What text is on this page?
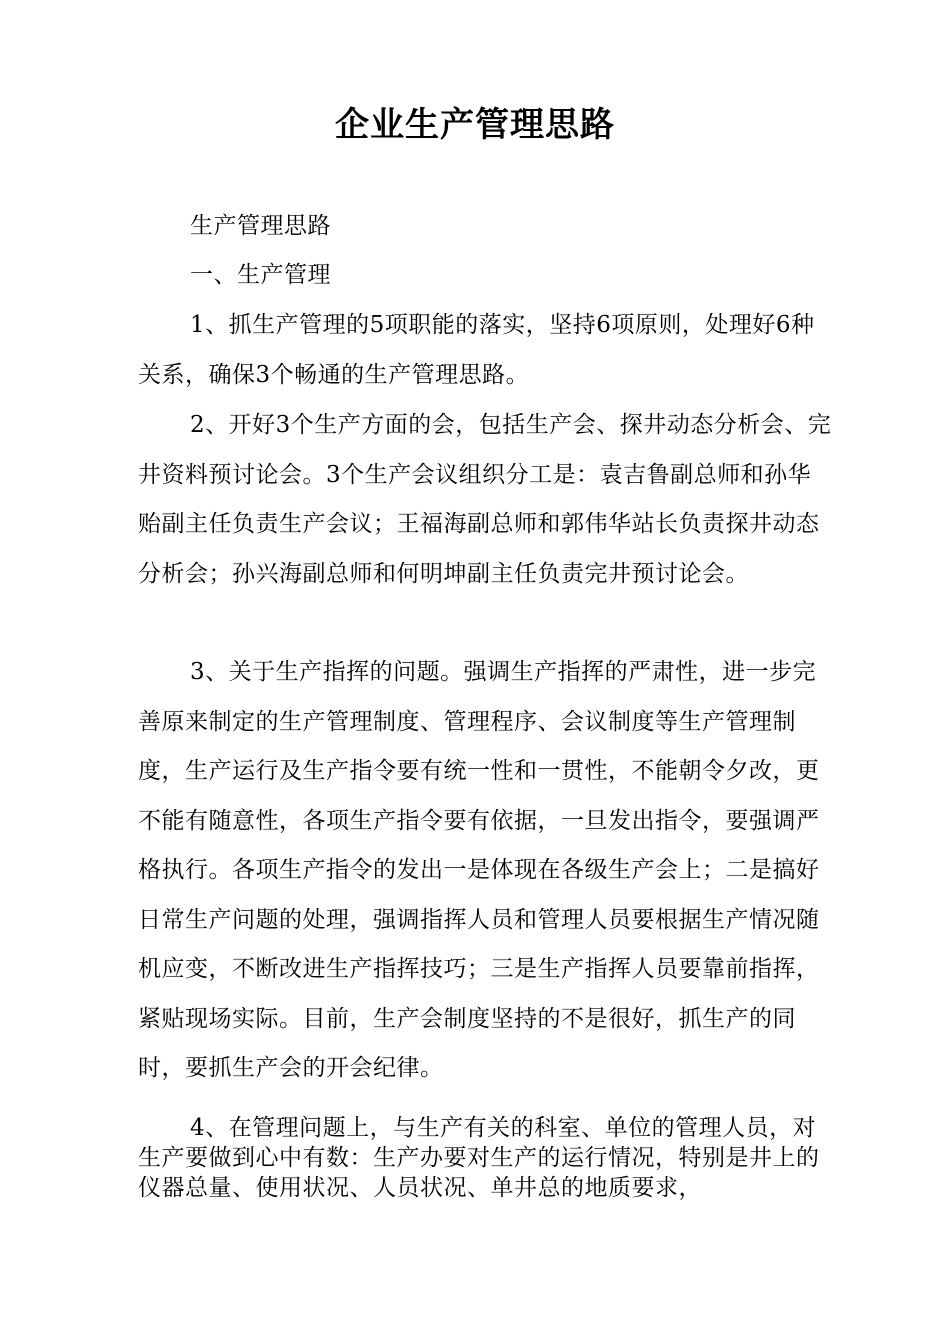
企业生产管理思路

生产管理思路

一、生产管理

1、抓生产管理的5项职能的落实，坚持6项原则，处理好6种关系，确保3个畅通的生产管理思路。

2、开好3个生产方面的会，包括生产会、探井动态分析会、完井资料预讨论会。3个生产会议组织分工是：袁吉鲁副总师和孙华贻副主任负责生产会议；王福海副总师和郭伟华站长负责探井动态分析会；孙兴海副总师和何明坤副主任负责完井预讨论会。

3、关于生产指挥的问题。强调生产指挥的严肃性，进一步完善原来制定的生产管理制度、管理程序、会议制度等生产管理制度，生产运行及生产指令要有统一性和一贯性，不能朝令夕改，更不能有随意性，各项生产指令要有依据，一旦发出指令，要强调严格执行。各项生产指令的发出一是体现在各级生产会上；二是搞好日常生产问题的处理，强调指挥人员和管理人员要根据生产情况随机应变，不断改进生产指挥技巧；三是生产指挥人员要靠前指挥，紧贴现场实际。目前，生产会制度坚持的不是很好，抓生产的同时，要抓生产会的开会纪律。

4、在管理问题上，与生产有关的科室、单位的管理人员，对生产要做到心中有数：生产办要对生产的运行情况，特别是井上的仪器总量、使用状况、人员状况、单井总的地质要求，
